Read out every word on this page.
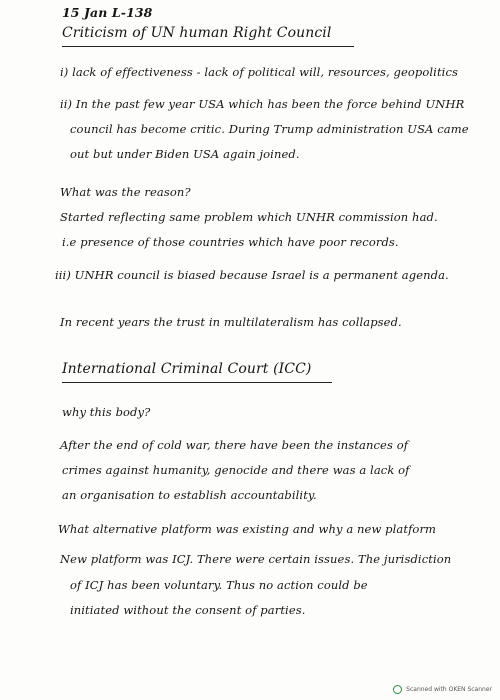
15 Jan L-138
Criticism of UN human Right Council
i) lack of effectiveness - lack of political will, resources, geopolitics
ii) In the past few year USA which has been the force behind UNHR
council has become critic. During Trump administration USA came
out but under Biden USA again joined.
What was the reason?
Started reflecting same problem which UNHR commission had.
i.e presence of those countries which have poor records.
iii) UNHR council is biased because Israel is a permanent agenda.
In recent years the trust in multilateralism has collapsed.
International Criminal Court (ICC)
why this body?
After the end of cold war, there have been the instances of
crimes against humanity, genocide and there was a lack of
an organisation to establish accountability.
What alternative platform was existing and why a new platform
New platform was ICJ. There were certain issues. The jurisdiction
of ICJ has been voluntary. Thus no action could be
initiated without the consent of parties.
Scanned with OKEN Scanner
